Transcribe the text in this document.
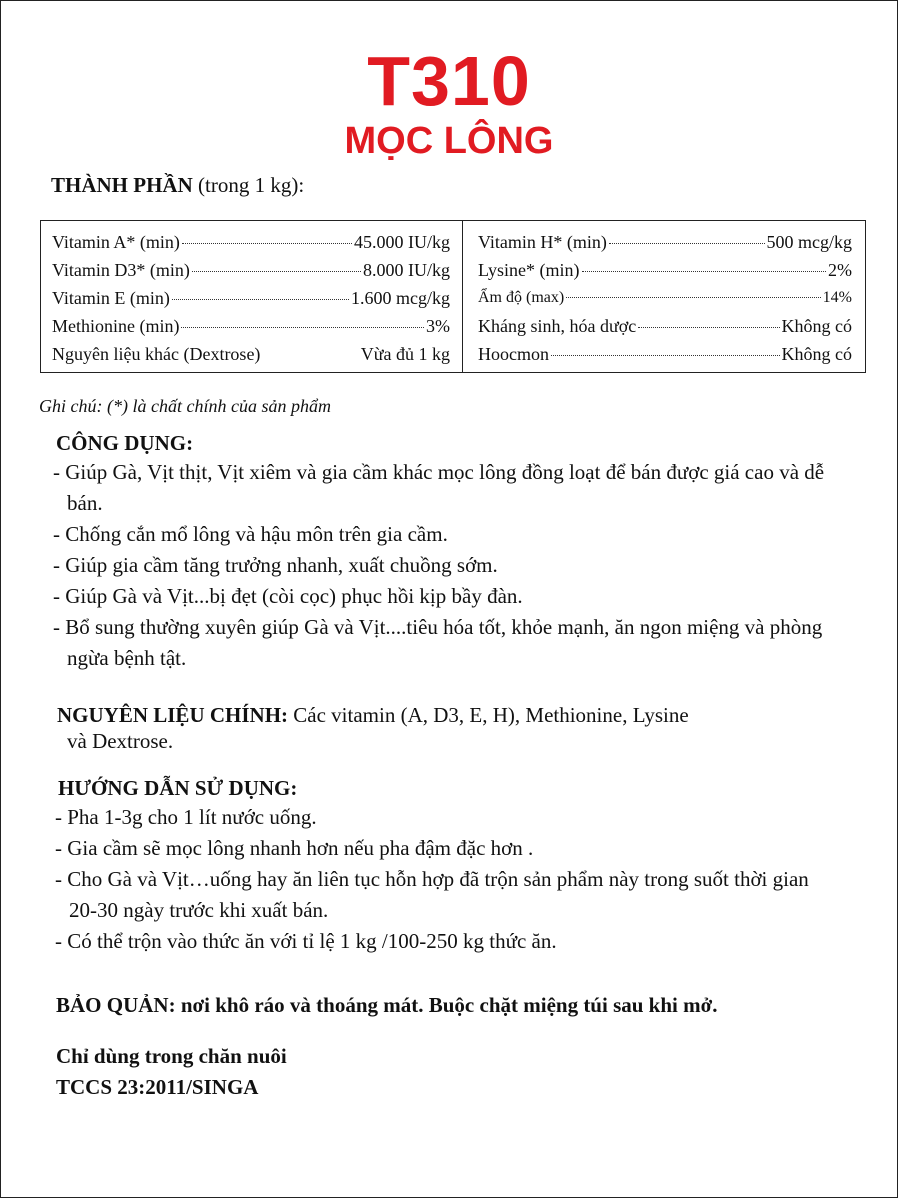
T310
MỌC LÔNG
THÀNH PHẦN (trong 1 kg):
Vitamin A* (min)	45.000 IU/kg
Vitamin D3* (min)	8.000 IU/kg
Vitamin E (min)	1.600 mcg/kg
Methionine (min)	3%
Nguyên liệu khác (Dextrose)	Vừa đủ 1 kg
Vitamin H* (min)	500 mcg/kg
Lysine* (min)	2%
Ẩm độ (max)	14%
Kháng sinh, hóa dược	Không có
Hoocmon	Không có
Ghi chú: (*) là chất chính của sản phẩm
CÔNG DỤNG:
- Giúp Gà, Vịt thịt, Vịt xiêm và gia cầm khác mọc lông đồng loạt để bán được giá cao và dễ bán.
- Chống cắn mổ lông và hậu môn trên gia cầm.
- Giúp gia cầm tăng trưởng nhanh, xuất chuồng sớm.
- Giúp Gà và Vịt...bị đẹt (còi cọc) phục hồi kịp bầy đàn.
- Bổ sung thường xuyên giúp Gà và Vịt....tiêu hóa tốt, khỏe mạnh, ăn ngon miệng và phòng ngừa bệnh tật.
NGUYÊN LIỆU CHÍNH: Các vitamin (A, D3, E, H), Methionine, Lysine
và Dextrose.
HƯỚNG DẪN SỬ DỤNG:
- Pha 1-3g cho 1 lít nước uống.
- Gia cầm sẽ mọc lông nhanh hơn nếu pha đậm đặc hơn .
- Cho Gà và Vịt…uống hay ăn liên tục hỗn hợp đã trộn sản phẩm này trong suốt thời gian 20-30 ngày trước khi xuất bán.
- Có thể trộn vào thức ăn với tỉ lệ 1 kg /100-250 kg thức ăn.
BẢO QUẢN: nơi khô ráo và thoáng mát. Buộc chặt miệng túi sau khi mở.
Chỉ dùng trong chăn nuôi
TCCS 23:2011/SINGA
